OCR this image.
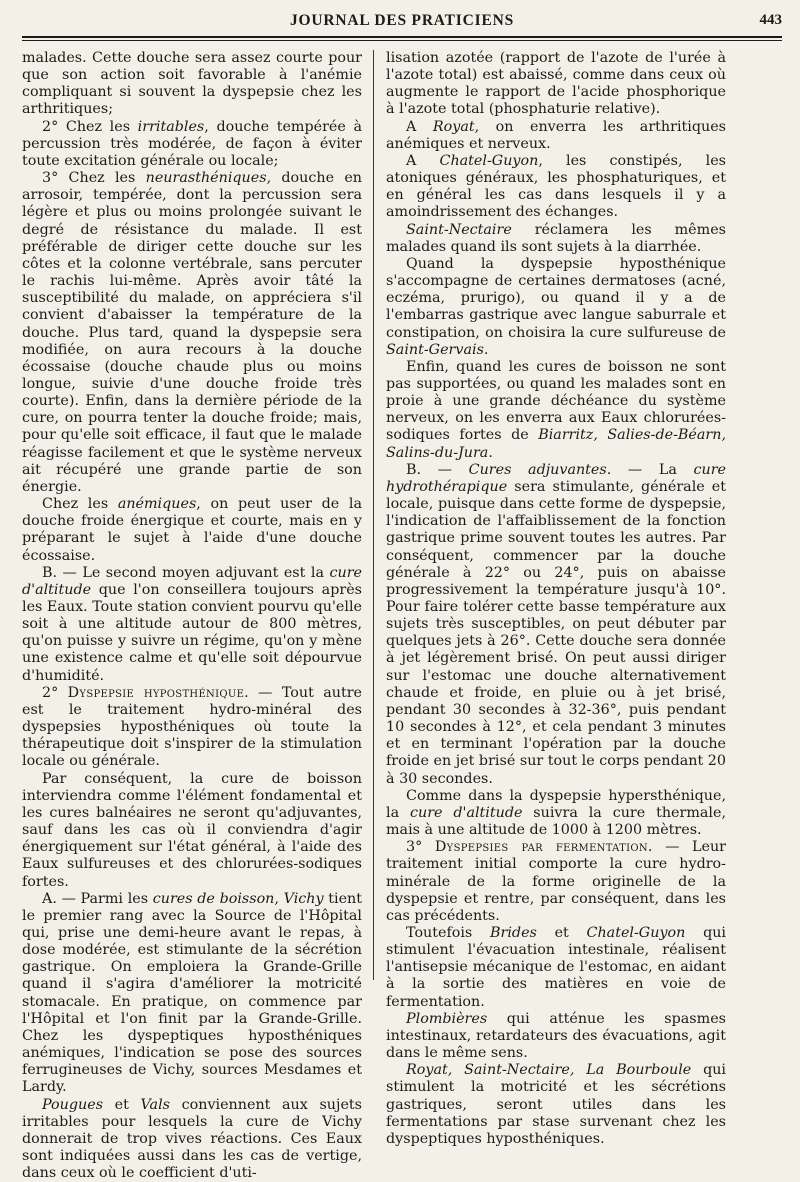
JOURNAL DES PRATICIENS	443

malades. Cette douche sera assez courte pour que son action soit favorable à l'anémie compliquant si souvent la dyspepsie chez les arthritiques;

2° Chez les irritables, douche tempérée à percussion très modérée, de façon à éviter toute excitation générale ou locale;

3° Chez les neurasthéniques, douche en arrosoir, tempérée, dont la percussion sera légère et plus ou moins prolongée suivant le degré de résistance du malade. Il est préférable de diriger cette douche sur les côtes et la colonne vertébrale, sans percuter le rachis lui-même. Après avoir tâté la susceptibilité du malade, on appréciera s'il convient d'abaisser la température de la douche. Plus tard, quand la dyspepsie sera modifiée, on aura recours à la douche écossaise (douche chaude plus ou moins longue, suivie d'une douche froide très courte). Enfin, dans la dernière période de la cure, on pourra tenter la douche froide; mais, pour qu'elle soit efficace, il faut que le malade réagisse facilement et que le système nerveux ait récupéré une grande partie de son énergie.

Chez les anémiques, on peut user de la douche froide énergique et courte, mais en y préparant le sujet à l'aide d'une douche écossaise.

B. — Le second moyen adjuvant est la cure d'altitude que l'on conseillera toujours après les Eaux. Toute station convient pourvu qu'elle soit à une altitude autour de 800 mètres, qu'on puisse y suivre un régime, qu'on y mène une existence calme et qu'elle soit dépourvue d'humidité.

2° Dyspepsie hyposthénique. — Tout autre est le traitement hydro-minéral des dyspepsies hyposthéniques où toute la thérapeutique doit s'inspirer de la stimulation locale ou générale.

Par conséquent, la cure de boisson interviendra comme l'élément fondamental et les cures balnéaires ne seront qu'adjuvantes, sauf dans les cas où il conviendra d'agir énergiquement sur l'état général, à l'aide des Eaux sulfureuses et des chlorurées-sodiques fortes.

A. — Parmi les cures de boisson, Vichy tient le premier rang avec la Source de l'Hôpital qui, prise une demi-heure avant le repas, à dose modérée, est stimulante de la sécrétion gastrique. On emploiera la Grande-Grille quand il s'agira d'améliorer la motricité stomacale. En pratique, on commence par l'Hôpital et l'on finit par la Grande-Grille. Chez les dyspeptiques hyposthéniques anémiques, l'indication se pose des sources ferrugineuses de Vichy, sources Mesdames et Lardy.

Pougues et Vals conviennent aux sujets irritables pour lesquels la cure de Vichy donnerait de trop vives réactions. Ces Eaux sont indiquées aussi dans les cas de vertige, dans ceux où le coefficient d'uti-

lisation azotée (rapport de l'azote de l'urée à l'azote total) est abaissé, comme dans ceux où augmente le rapport de l'acide phosphorique à l'azote total (phosphaturie relative).

A Royat, on enverra les arthritiques anémiques et nerveux.

A Chatel-Guyon, les constipés, les atoniques généraux, les phosphaturiques, et en général les cas dans lesquels il y a amoindrissement des échanges.

Saint-Nectaire réclamera les mêmes malades quand ils sont sujets à la diarrhée.

Quand la dyspepsie hyposthénique s'accompagne de certaines dermatoses (acné, eczéma, prurigo), ou quand il y a de l'embarras gastrique avec langue saburrale et constipation, on choisira la cure sulfureuse de Saint-Gervais.

Enfin, quand les cures de boisson ne sont pas supportées, ou quand les malades sont en proie à une grande déchéance du système nerveux, on les enverra aux Eaux chlorurées-sodiques fortes de Biarritz, Salies-de-Béarn, Salins-du-Jura.

B. — Cures adjuvantes. — La cure hydrothérapique sera stimulante, générale et locale, puisque dans cette forme de dyspepsie, l'indication de l'affaiblissement de la fonction gastrique prime souvent toutes les autres. Par conséquent, commencer par la douche générale à 22° ou 24°, puis on abaisse progressivement la température jusqu'à 10°. Pour faire tolérer cette basse température aux sujets très susceptibles, on peut débuter par quelques jets à 26°. Cette douche sera donnée à jet légèrement brisé. On peut aussi diriger sur l'estomac une douche alternativement chaude et froide, en pluie ou à jet brisé, pendant 30 secondes à 32-36°, puis pendant 10 secondes à 12°, et cela pendant 3 minutes et en terminant l'opération par la douche froide en jet brisé sur tout le corps pendant 20 à 30 secondes.

Comme dans la dyspepsie hypersthénique, la cure d'altitude suivra la cure thermale, mais à une altitude de 1000 à 1200 mètres.

3° Dyspepsies par fermentation. — Leur traitement initial comporte la cure hydro-minérale de la forme originelle de la dyspepsie et rentre, par conséquent, dans les cas précédents.

Toutefois Brides et Chatel-Guyon qui stimulent l'évacuation intestinale, réalisent l'antisepsie mécanique de l'estomac, en aidant à la sortie des matières en voie de fermentation.

Plombières qui atténue les spasmes intestinaux, retardateurs des évacuations, agit dans le même sens.

Royat, Saint-Nectaire, La Bourboule qui stimulent la motricité et les sécrétions gastriques, seront utiles dans les fermentations par stase survenant chez les dyspeptiques hyposthéniques.
